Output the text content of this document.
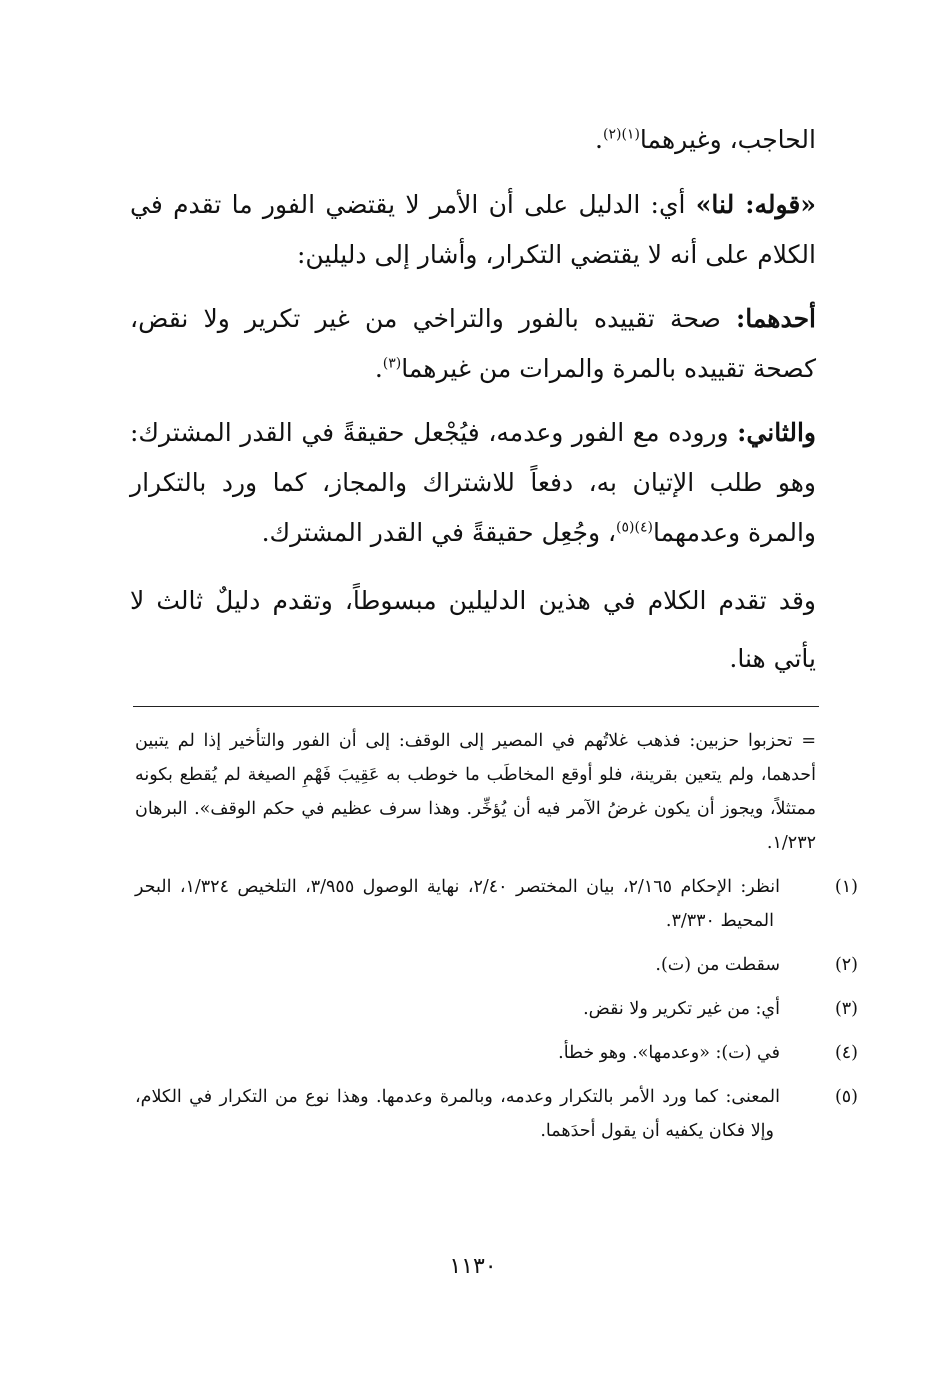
الحاجب، وغيرهما$^{(١)(٢)}$.

«قوله: لنا» أي: الدليل على أن الأمر لا يقتضي الفور ما تقدم في الكلام على أنه لا يقتضي التكرار، وأشار إلى دليلين:

أحدهما: صحة تقييده بالفور والتراخي من غير تكرير ولا نقض، كصحة تقييده بالمرة والمرات من غيرهما$^{(٣)}$.

والثاني: وروده مع الفور وعدمه، فيُجْعل حقيقةً في القدر المشترك: وهو طلب الإتيان به، دفعاً للاشتراك والمجاز، كما ورد بالتكرار والمرة وعدمهما$^{(٤)(٥)}$، وجُعِل حقيقةً في القدر المشترك.

وقد تقدم الكلام في هذين الدليلين مبسوطاً، وتقدم دليلٌ ثالث لا يأتي هنا.

= تحزبوا حزبين: فذهب غلاتُهم في المصير إلى الوقف: إلى أن الفور والتأخير إذا لم يتبين أحدهما، ولم يتعين بقرينة، فلو أوقع المخاطَب ما خوطب به عَقِيبَ فَهْمِ الصيغة لم يُقطع بكونه ممتثلاً، ويجوز أن يكون غرضُ الآمر فيه أن يُؤخِّر. وهذا سرف عظيم في حكم الوقف». البرهان ١/٢٣٢.

(١)انظر: الإحكام ٢/١٦٥، بيان المختصر ٢/٤٠، نهاية الوصول ٣/٩٥٥، التلخيص ١/٣٢٤، البحر المحيط ٣/٣٣٠.

(٢)سقطت من (ت).

(٣)أي: من غير تكرير ولا نقض.

(٤)في (ت): «وعدمها». وهو خطأ.

(٥)المعنى: كما ورد الأمر بالتكرار وعدمه، وبالمرة وعدمها. وهذا نوع من التكرار في الكلام، وإلا فكان يكفيه أن يقول أحدَهما.

١١٣٠
